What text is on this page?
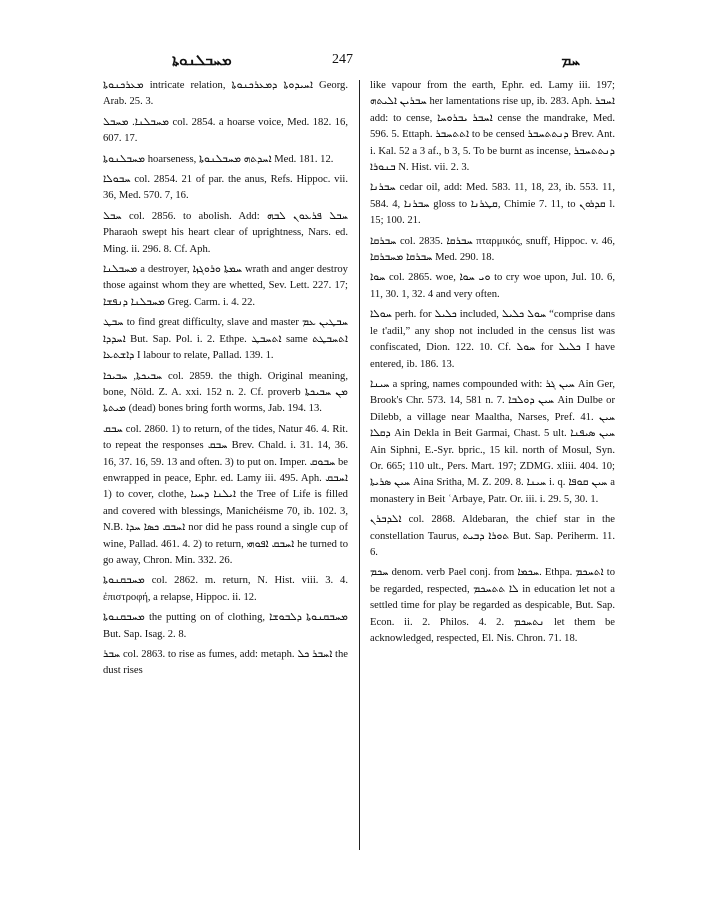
ܡܚܒܠܢܘܬܐ	247	ܚܡ

ܡܥܪܟܢܘܬܐ intricate relation, ܐܚܝܕܘܬܐ ܕܡܥܪܟܢܘܬܐ Georg. Arab. 25. 3.

ܡܚܒܠܢܐ. ܡܚܒܠ col. 2854. a hoarse voice, Med. 182. 16, 607. 17.

ܡܚܒܠܢܘܬܐ hoarseness, ܐܚܕܬܗ ܡܚܒܠܢܘܬܐ Med. 181. 12.

ܚܒܘܠܐ col. 2854. 21 of par. the anus, Refs. Hippoc. vii. 36, Med. 570. 7, 16.

ܚܒܠ col. 2856. to abolish. Add: ܚܒܠ ܦܪܥܘܢ ܠܒܗ Pharaoh swept his heart clear of uprightness, Nars. ed. Ming. ii. 296. 8. Cf. Aph.

ܡܚܒܠܢܐ a destroyer, ܚܡܬܐ ܘܪܘܓܙܐ wrath and anger destroy those against whom they are whetted, Sev. Lett. 227. 17; ܡܚܒܠܢܐ ܕܢܦܫܐ Greg. Carm. i. 4. 22.

ܚܒܛ to find great difficulty, slave and master ܚܒܛܝܢ ܥܡ ܐܚܕܕܐ But. Sap. Pol. i. 2. Ethpe. ܐܬܚܒܛ same ܐܬܚܒܛܬ ܕܐܫܬܥܐ I labour to relate, Pallad. 139. 1.

ܚܒܝܟܬܐ, ܚܒܝܟܐ col. 2859. the thigh. Original meaning, bone, Nöld. Z. A. xxi. 152 n. 2. Cf. proverb ܡܢ ܚܒܝܟܬܐ ܡܝܬܬܐ (dead) bones bring forth worms, Jab. 194. 13.

ܚܒܩ col. 2860. 1) to return, of the tides, Natur 46. 4. Rit. to repeat the responses ܚܒܩ Brev. Chald. i. 31. 14, 36. 16, 37. 16, 59. 13 and often. 3) to put on. Imper. ܚܒܘܩ be enwrapped in peace, Ephr. ed. Lamy iii. 495. Aph. ܐܚܒܩ 1) to cover, clothe, ܐܝܠܢܐ ܕܚܝܐ the Tree of Life is filled and covered with blessings, Manichéisme 70, ib. 102. 3, N.B. ܐܚܒܩ ܟܣܐ ܚܕܐ nor did he pass round a single cup of wine, Pallad. 461. 4. 2) to return, ܐܚܒܩ ܐܦܘܗܝ he turned to go away, Chron. Min. 332. 26.

ܡܚܒܩܢܘܬܐ col. 2862. m. return, N. Hist. viii. 3. 4. ἐπιστροφή, a relapse, Hippoc. ii. 12.

ܡܚܒܩܢܘܬܐ the putting on of clothing, ܡܚܒܩܢܘܬܐ ܕܠܒܘܫܐ But. Sap. Isag. 2. 8.

ܚܒܪ col. 2863. to rise as fumes, add: metaph. ܐܚܒܪ ܟܠ the dust rises

like vapour from the earth, Ephr. ed. Lamy iii. 197; ܚܒܪܝܢ ܐܠܝܬܗ her lamentations rise up, ib. 283. Aph. ܐܚܒܪ add: to cense, ܐܚܒܪ ܝܒܪܘܚܐ cense the mandrake, Med. 596. 5. Ettaph. ܐܬܬܚܒܪ to be censed ܕܢܬܬܚܒܪ Brev. Ant. i. Kal. 52 a 3 af., b 3, 5. To be burnt as incense, ܕܢܬܬܚܒܪ ܒܢܘܪܐ N. Hist. vii. 2. 3.

ܚܒܪܢܐ cedar oil, add: Med. 583. 11, 18, 23, ib. 553. 11, 584. 4, ܚܒܪܢܐ gloss to ܩܛܪܢܐ, Chimie 7. 11, to ܩܕܪܘܢ l. 15; 100. 21.

ܚܒܪܩܐ col. 2835. ܚܒܪܩܐ πταρμικός, snuff, Hippoc. v. 46, ܚܒܪܩܐ ܡܚܒܪܩܐ Med. 290. 18.

ܚܘܐ col. 2865. woe, ܘܝ ܚܘܐ to cry woe upon, Jul. 10. 6, 11, 30. 1, 32. 4 and very often.

ܚܘܠܐ perh. for ܟܠܝܠ included, ܚܘܠ ܟܠܝܠ “comprise dans le t'adil,” any shop not included in the census list was confiscated, Dion. 122. 10. Cf. ܚܘܠ for ܟܠܝܠ I have entered, ib. 186. 13.

ܚܝܢܐ a spring, names compounded with: ܚܝܢ ܓܪ Ain Ger, Brook's Chr. 573. 14, 581 n. 7. ܚܝܢ ܕܘܠܒܐ Ain Dulbe or Dilebb, a village near Maaltha, Narses, Pref. 41. ܚܝܢ ܕܩܠܐ Ain Dekla in Beit Garmai, Chast. 5 ult. ܚܝܢ ܣܝܦܢܐ Ain Siphni, E.-Syr. bpric., 15 kil. north of Mosul, Syn. Or. 665; 110 ult., Pers. Mart. 197; ZDMG. xliii. 404. 10; ܚܝܢ ܣܪܝܬܐ Aina Sritha, M. Z. 209. 8. ܚܝܢܐ i. q. ܚܝܢ ܩܘܦܐ a monastery in Beit ʿArbaye, Patr. Or. iii. i. 29. 5, 30. 1.

ܐܠܕܒܪܢ col. 2868. Aldebaran, the chief star in the constellation Taurus, ܬܘܪܐ ܕܒܝܬ But. Sap. Periherm. 11. 6.

ܚܟܡ denom. verb Pael conj. from ܚܟܡܐ. Ethpa. ܐܬܚܟܡ to be regarded, respected, ܠܐ ܬܬܚܟܡ in education let not a settled time for play be regarded as despicable, But. Sap. Econ. ii. 2. Philos. 4. 2. ܢܬܚܟܡ let them be acknowledged, respected, El. Nis. Chron. 71. 18.
